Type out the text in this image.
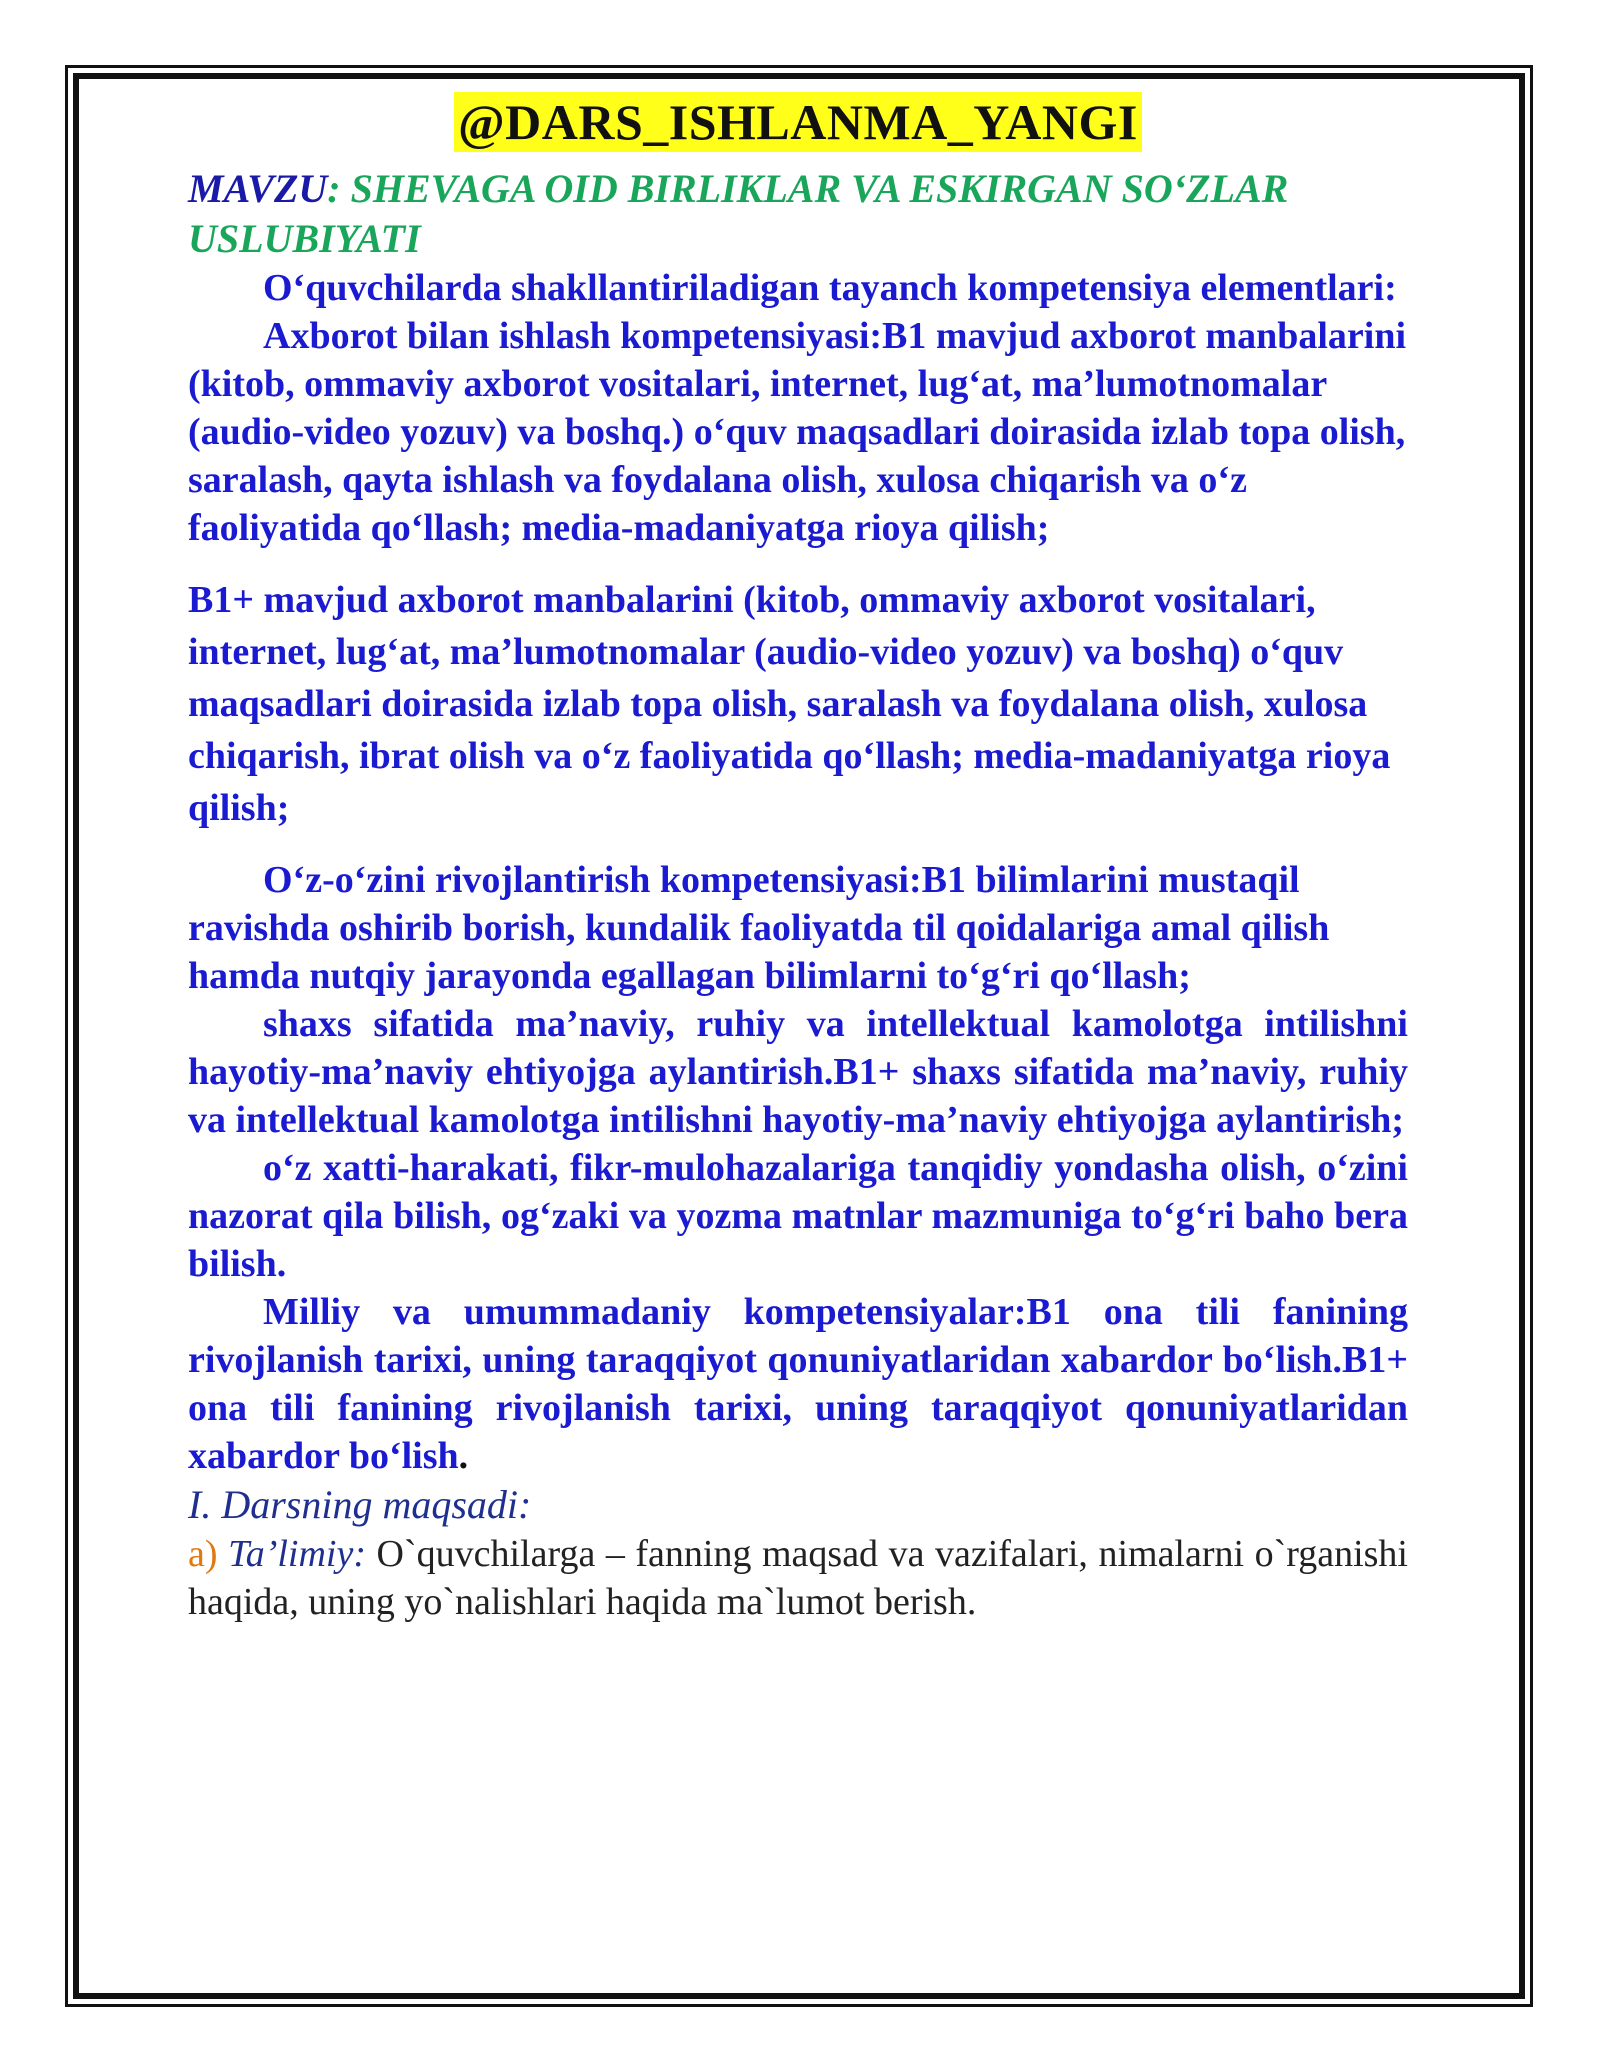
@DARS_ISHLANMA_YANGI

MAVZU: SHEVAGA OID BIRLIKLAR VA ESKIRGAN SO‘ZLAR USLUBIYATI

O‘quvchilarda shakllantiriladigan tayanch kompetensiya elementlari:

Axborot bilan ishlash kompetensiyasi:B1 mavjud axborot manbalarini (kitob, ommaviy axborot vositalari, internet, lug‘at, ma’lumotnomalar (audio-video yozuv) va boshq.) o‘quv maqsadlari doirasida izlab topa olish, saralash, qayta ishlash va foydalana olish, xulosa chiqarish va o‘z faoliyatida qo‘llash; media-madaniyatga rioya qilish;

B1+ mavjud axborot manbalarini (kitob, ommaviy axborot vositalari, internet, lug‘at, ma’lumotnomalar (audio-video yozuv) va boshq) o‘quv maqsadlari doirasida izlab topa olish, saralash va foydalana olish, xulosa chiqarish, ibrat olish va o‘z faoliyatida qo‘llash; media-madaniyatga rioya qilish;

O‘z-o‘zini rivojlantirish kompetensiyasi:B1 bilimlarini mustaqil ravishda oshirib borish, kundalik faoliyatda til qoidalariga amal qilish hamda nutqiy jarayonda egallagan bilimlarni to‘g‘ri qo‘llash;

shaxs sifatida ma’naviy, ruhiy va intellektual kamolotga intilishni hayotiy-ma’naviy ehtiyojga aylantirish.B1+ shaxs sifatida ma’naviy, ruhiy va intellektual kamolotga intilishni hayotiy-ma’naviy ehtiyojga aylantirish;

o‘z xatti-harakati, fikr-mulohazalariga tanqidiy yondasha olish, o‘zini nazorat qila bilish, og‘zaki va yozma matnlar mazmuniga to‘g‘ri baho bera bilish.

Milliy va umummadaniy kompetensiyalar:B1 ona tili fanining rivojlanish tarixi, uning taraqqiyot qonuniyatlaridan xabardor bo‘lish.B1+ ona tili fanining rivojlanish tarixi, uning taraqqiyot qonuniyatlaridan xabardor bo‘lish.

I. Darsning maqsadi:

a) Ta’limiy: O`quvchilarga – fanning maqsad va vazifalari, nimalarni o`rganishi haqida, uning yo`nalishlari haqida ma`lumot berish.
